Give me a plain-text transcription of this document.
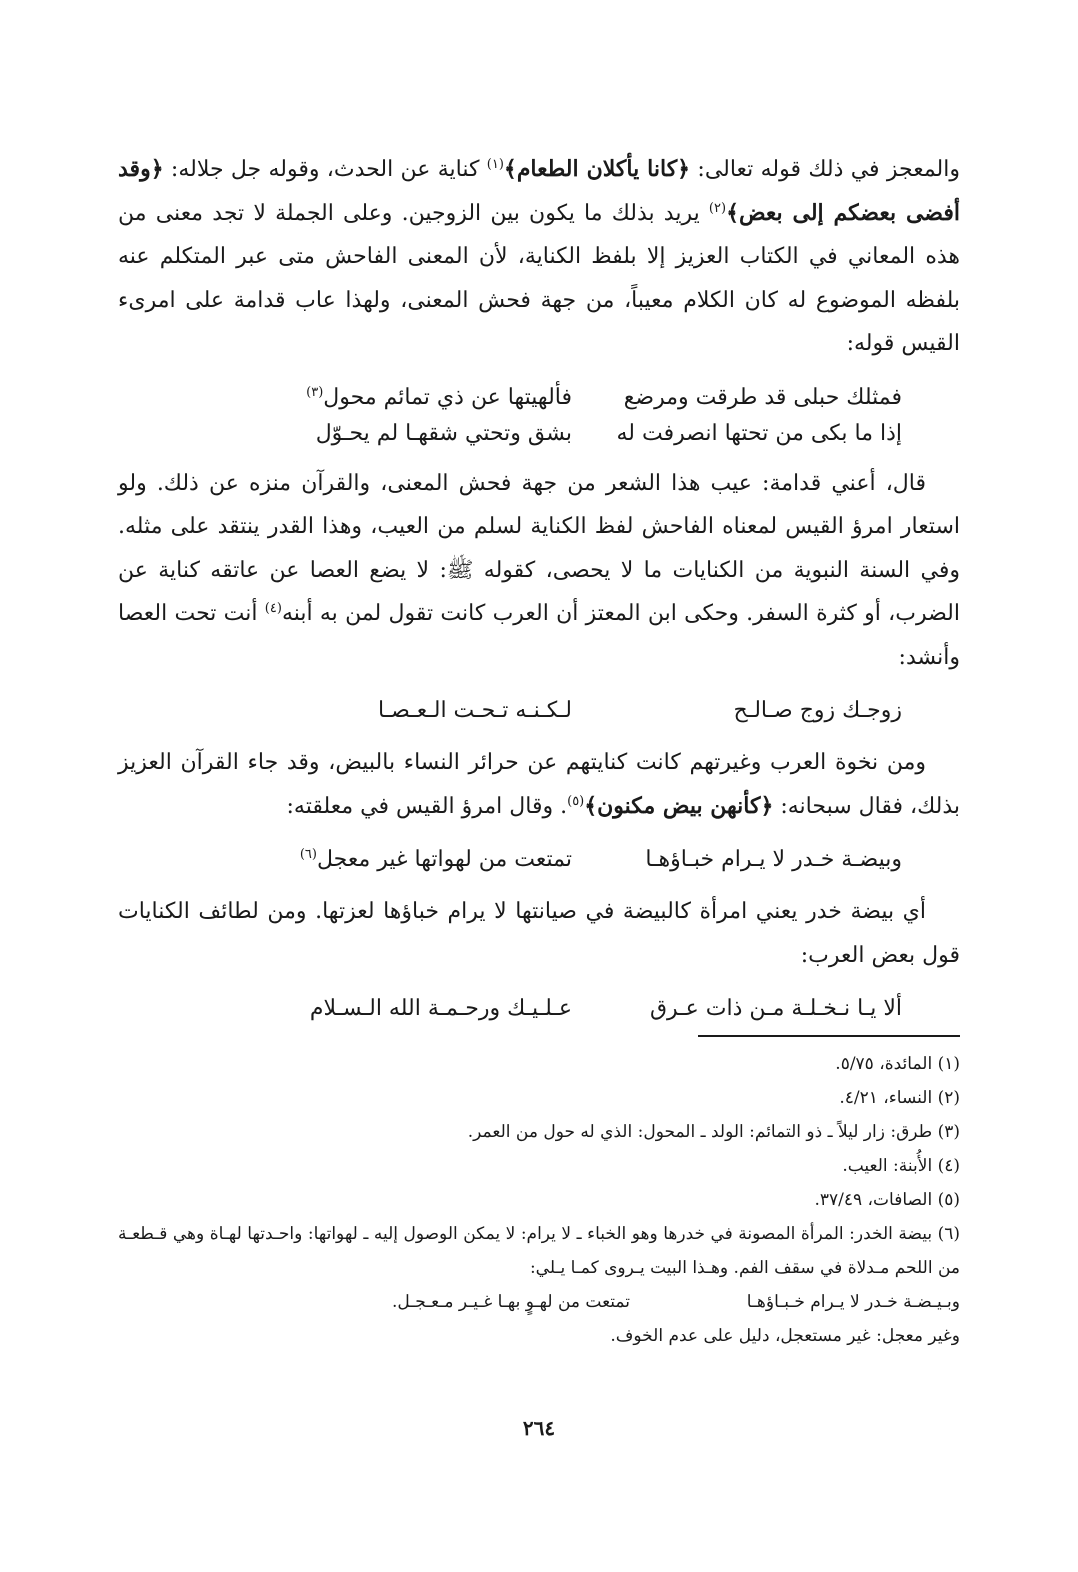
والمعجز في ذلك قوله تعالى: ﴿كانا يأكلان الطعام﴾$^{(١)}$ كناية عن الحدث، وقوله جل جلاله: ﴿وقد أفضى بعضكم إلى بعض﴾$^{(٢)}$ يريد بذلك ما يكون بين الزوجين. وعلى الجملة لا تجد معنى من هذه المعاني في الكتاب العزيز إلا بلفظ الكناية، لأن المعنى الفاحش متى عبر المتكلم عنه بلفظه الموضوع له كان الكلام معيباً، من جهة فحش المعنى، ولهذا عاب قدامة على امرىء القيس قوله:

فمثلك حبلى قد طرقت ومرضع
فألهيتها عن ذي تمائم محول$^{(٣)}$
إذا ما بكى من تحتها انصرفت له
بشق وتحتي شقهـا لم يحـوّل

قال، أعني قدامة: عيب هذا الشعر من جهة فحش المعنى، والقرآن منزه عن ذلك. ولو استعار امرؤ القيس لمعناه الفاحش لفظ الكناية لسلم من العيب، وهذا القدر ينتقد على مثله. وفي السنة النبوية من الكنايات ما لا يحصى، كقوله ﷺ: لا يضع العصا عن عاتقه كناية عن الضرب، أو كثرة السفر. وحكى ابن المعتز أن العرب كانت تقول لمن به أبنه$^{(٤)}$ أنت تحت العصا وأنشد:

زوجـك زوج صـالـح
لـكـنـه تـحـت الـعـصـا

ومن نخوة العرب وغيرتهم كانت كنايتهم عن حرائر النساء بالبيض، وقد جاء القرآن العزيز بذلك، فقال سبحانه: ﴿كأنهن بيض مكنون﴾$^{(٥)}$. وقال امرؤ القيس في معلقته:

وبيضـة خـدر لا يـرام خبـاؤهـا
تمتعت من لهواتها غير معجل$^{(٦)}$

أي بيضة خدر يعني امرأة كالبيضة في صيانتها لا يرام خباؤها لعزتها. ومن لطائف الكنايات قول بعض العرب:

ألا يـا نـخـلـة مـن ذات عـرق
عـلـيـك ورحـمـة الله الـسـلام

(١) المائدة، ٥/٧٥.

(٢) النساء، ٤/٢١.

(٣) طرق: زار ليلاً ـ ذو التمائم: الولد ـ المحول: الذي له حول من العمر.

(٤) الأُبنة: العيب.

(٥) الصافات، ٣٧/٤٩.

(٦) بيضة الخدر: المرأة المصونة في خدرها وهو الخباء ـ لا يرام: لا يمكن الوصول إليه ـ لهواتها: واحـدتها لهـاة وهي قـطعـة من اللحم مـدلاة في سقف الفم. وهـذا البيت يـروى كمـا يـلي:

وبـيـضـة خـدر لا يـرام خـبـاؤهـا
تمتعت من لهـوٍ بهـا غـيـر مـعـجـل.

وغير معجل: غير مستعجل، دليل على عدم الخوف.

٢٦٤
